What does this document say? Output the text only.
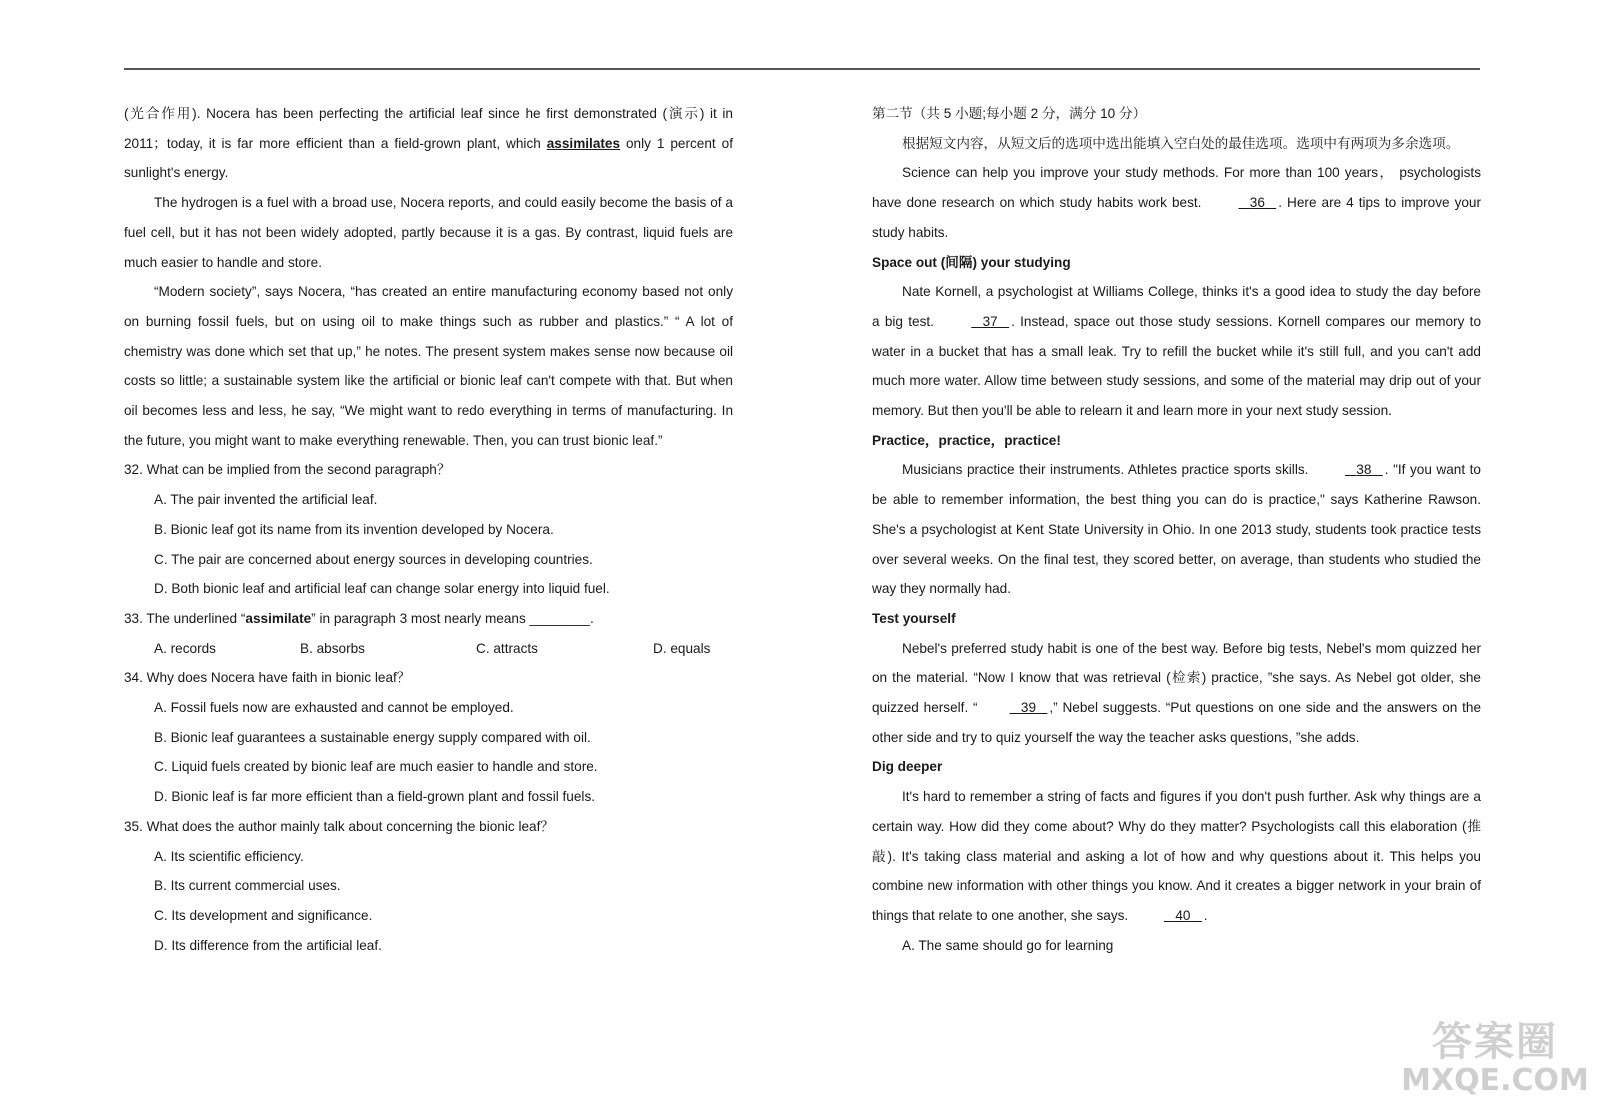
(光合作用). Nocera has been perfecting the artificial leaf since he first demonstrated (演示) it in 2011；today, it is far more efficient than a field-grown plant, which assimilates only 1 percent of sunlight's energy.

The hydrogen is a fuel with a broad use, Nocera reports, and could easily become the basis of a fuel cell, but it has not been widely adopted, partly because it is a gas. By contrast, liquid fuels are much easier to handle and store.

“Modern society”, says Nocera, “has created an entire manufacturing economy based not only on burning fossil fuels, but on using oil to make things such as rubber and plastics.” “ A lot of chemistry was done which set that up,” he notes. The present system makes sense now because oil costs so little; a sustainable system like the artificial or bionic leaf can't compete with that. But when oil becomes less and less, he say, “We might want to redo everything in terms of manufacturing. In the future, you might want to make everything renewable. Then, you can trust bionic leaf.”

32. What can be implied from the second paragraph？

A. The pair invented the artificial leaf.

B. Bionic leaf got its name from its invention developed by Nocera.

C. The pair are concerned about energy sources in developing countries.

D. Both bionic leaf and artificial leaf can change solar energy into liquid fuel.

33. The underlined “assimilate” in paragraph 3 most nearly means ________.

A. records	B. absorbs	C. attracts	D. equals

34. Why does Nocera have faith in bionic leaf？

A. Fossil fuels now are exhausted and cannot be employed.

B. Bionic leaf guarantees a sustainable energy supply compared with oil.

C. Liquid fuels created by bionic leaf are much easier to handle and store.

D. Bionic leaf is far more efficient than a field-grown plant and fossil fuels.

35. What does the author mainly talk about concerning the bionic leaf？

A. Its scientific efficiency.

B. Its current commercial uses.

C. Its development and significance.

D. Its difference from the artificial leaf.

第二节（共 5 小题;每小题 2 分，满分 10 分）

根据短文内容，从短文后的选项中选出能填入空白处的最佳选项。选项中有两项为多余选项。

Science can help you improve your study methods. For more than 100 years， psychologists have done research on which study habits work best.	36 . Here are 4 tips to improve your study habits.

Space out (间隔) your studying

Nate Kornell, a psychologist at Williams College, thinks it's a good idea to study the day before a big test.	37 . Instead, space out those study sessions. Kornell compares our memory to water in a bucket that has a small leak. Try to refill the bucket while it's still full, and you can't add much more water. Allow time between study sessions, and some of the material may drip out of your memory. But then you'll be able to relearn it and learn more in your next study session.

Practice，practice，practice!

Musicians practice their instruments. Athletes practice sports skills.	38 . "If you want to be able to remember information, the best thing you can do is practice," says Katherine Rawson. She's a psychologist at Kent State University in Ohio. In one 2013 study, students took practice tests over several weeks. On the final test, they scored better, on average, than students who studied the way they normally had.

Test yourself

Nebel's preferred study habit is one of the best way. Before big tests, Nebel's mom quizzed her on the material. “Now I know that was retrieval (检索) practice, ”she says. As Nebel got older, she quizzed herself. “	39 ,” Nebel suggests. “Put questions on one side and the answers on the other side and try to quiz yourself the way the teacher asks questions, ”she adds.

Dig deeper

It's hard to remember a string of facts and figures if you don't push further. Ask why things are a certain way. How did they come about? Why do they matter? Psychologists call this elaboration (推敲). It's taking class material and asking a lot of how and why questions about it. This helps you combine new information with other things you know. And it creates a bigger network in your brain of things that relate to one another, she says.	40 .

A. The same should go for learning

答案圈
MXQE.COM
